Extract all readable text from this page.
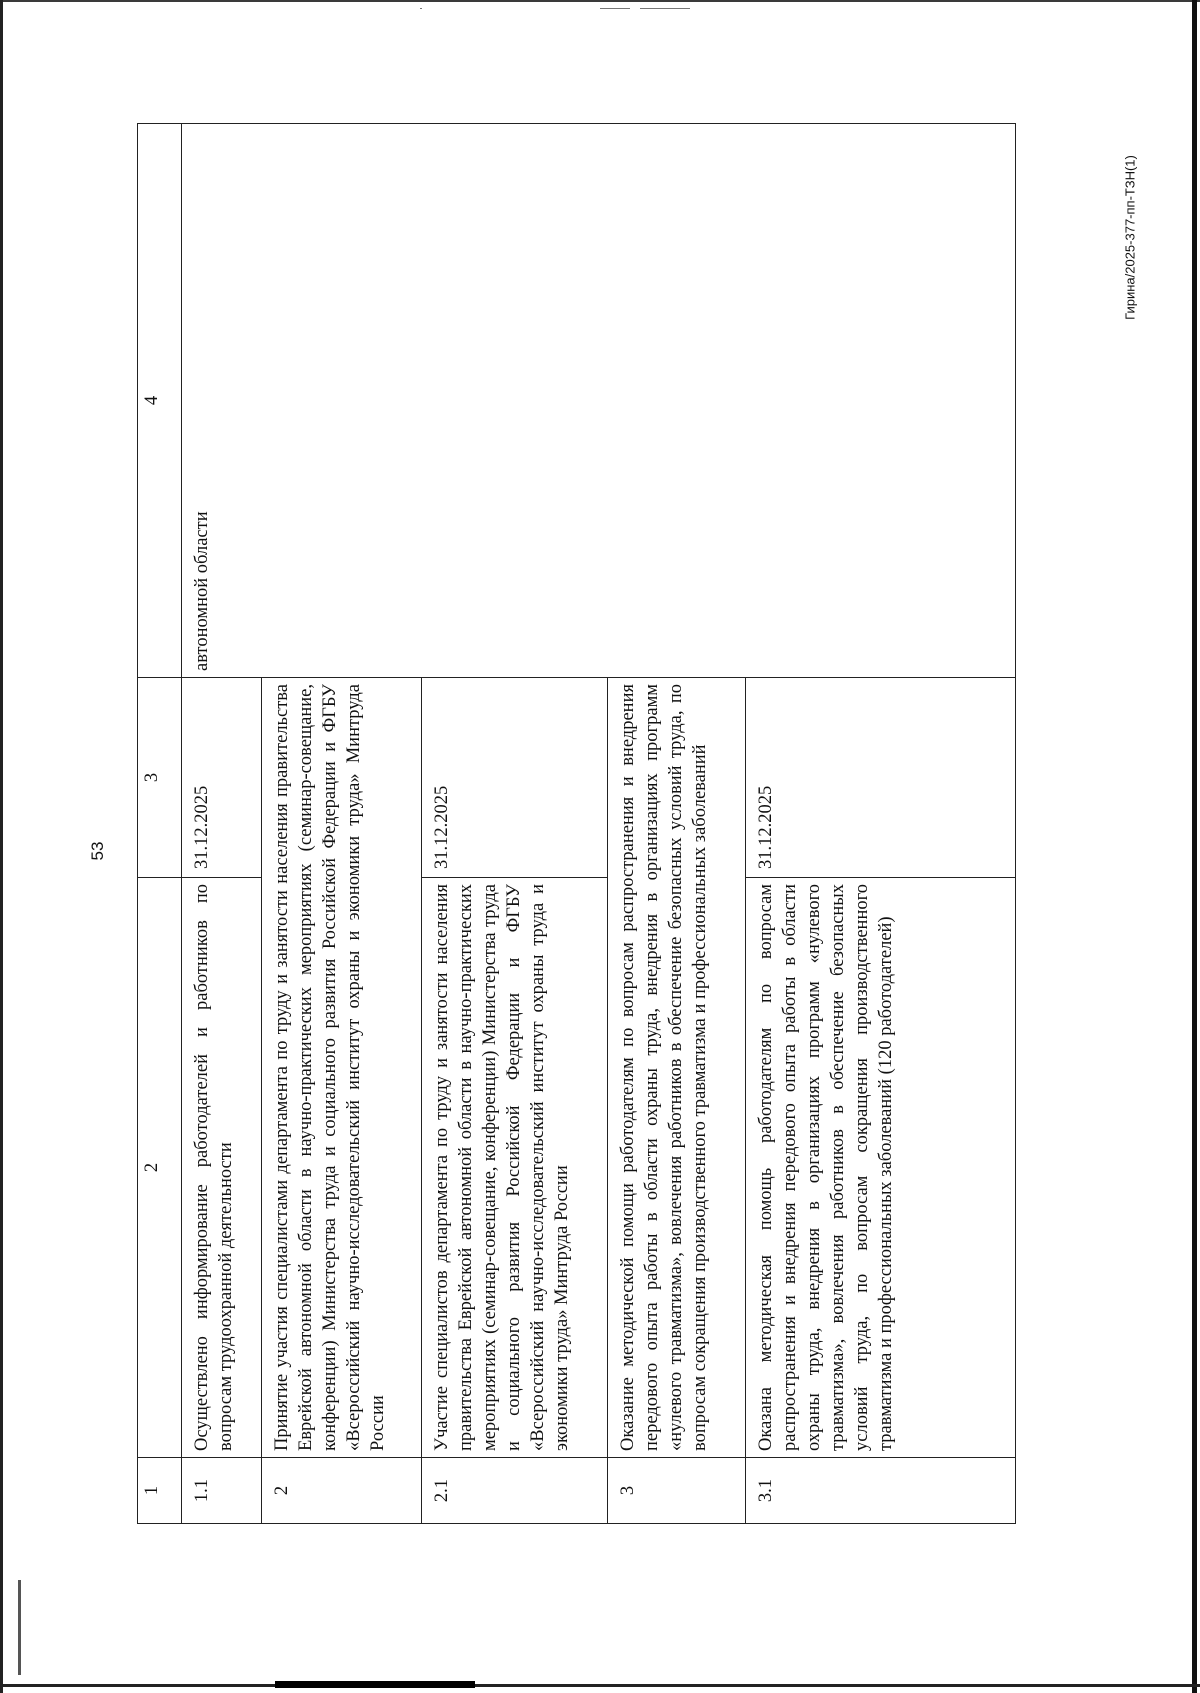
53
Гирина/2025-377-пп-ТЗН(1)
1	2	3	4
1.1	Осуществлено информирование работодателей и работников по вопросам трудоохранной деятельности	31.12.2025	автономной области
2	Принятие участия специалистами департамента по труду и занятости населения правительства Еврейской автономной области в научно-практических мероприятиях (семинар-совещание, конференции) Министерства труда и социального развития Российской Федерации и ФГБУ «Всероссийский научно-исследовательский институт охраны и экономики труда» Минтруда России		
2.1	Участие специалистов департамента по труду и занятости населения правительства Еврейской автономной области в научно-практических мероприятиях (семинар-совещание, конференции) Министерства труда и социального развития Российской Федерации и ФГБУ «Всероссийский научно-исследовательский институт охраны труда и экономики труда» Минтруда России	31.12.2025	
3	Оказание методической помощи работодателям по вопросам распространения и внедрения передового опыта работы в области охраны труда, внедрения в организациях программ «нулевого травматизма», вовлечения работников в обеспечение безопасных условий труда, по вопросам сокращения производственного травматизма и профессиональных заболеваний		
3.1	Оказана методическая помощь работодателям по вопросам распространения и внедрения передового опыта работы в области охраны труда, внедрения в организациях программ «нулевого травматизма», вовлечения работников в обеспечение безопасных условий труда, по вопросам сокращения производственного травматизма и профессиональных заболеваний (120 работодателей)	31.12.2025	
